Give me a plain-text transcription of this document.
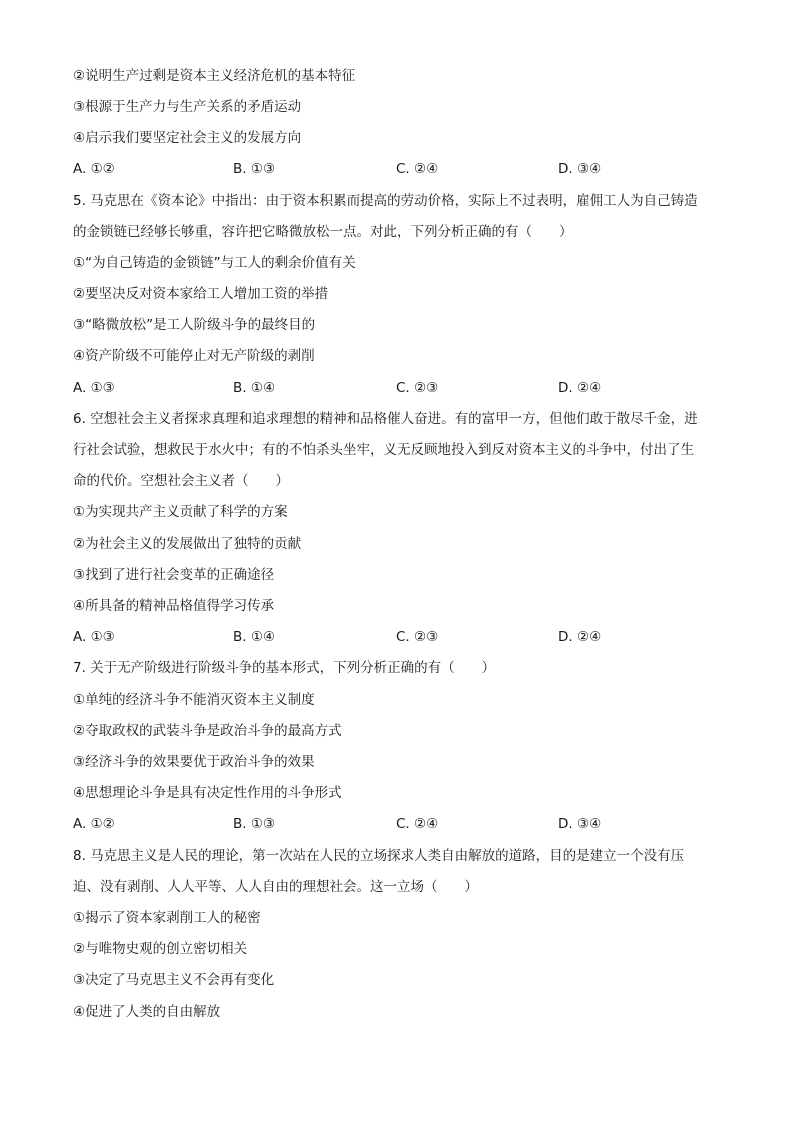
②说明生产过剩是资本主义经济危机的基本特征
③根源于生产力与生产关系的矛盾运动
④启示我们要坚定社会主义的发展方向
A. ①②	B. ①③	C. ②④	D. ③④
5. 马克思在《资本论》中指出：由于资本积累而提高的劳动价格，实际上不过表明，雇佣工人为自己铸造
的金锁链已经够长够重，容许把它略微放松一点。对此，下列分析正确的有（　　）
①“为自己铸造的金锁链”与工人的剩余价值有关
②要坚决反对资本家给工人增加工资的举措
③“略微放松”是工人阶级斗争的最终目的
④资产阶级不可能停止对无产阶级的剥削
A. ①③	B. ①④	C. ②③	D. ②④
6. 空想社会主义者探求真理和追求理想的精神和品格催人奋进。有的富甲一方，但他们敢于散尽千金，进
行社会试验，想救民于水火中；有的不怕杀头坐牢，义无反顾地投入到反对资本主义的斗争中，付出了生
命的代价。空想社会主义者（　　）
①为实现共产主义贡献了科学的方案
②为社会主义的发展做出了独特的贡献
③找到了进行社会变革的正确途径
④所具备的精神品格值得学习传承
A. ①③	B. ①④	C. ②③	D. ②④
7. 关于无产阶级进行阶级斗争的基本形式，下列分析正确的有（　　）
①单纯的经济斗争不能消灭资本主义制度
②夺取政权的武装斗争是政治斗争的最高方式
③经济斗争的效果要优于政治斗争的效果
④思想理论斗争是具有决定性作用的斗争形式
A. ①②	B. ①③	C. ②④	D. ③④
8. 马克思主义是人民的理论，第一次站在人民的立场探求人类自由解放的道路，目的是建立一个没有压
迫、没有剥削、人人平等、人人自由的理想社会。这一立场（　　）
①揭示了资本家剥削工人的秘密
②与唯物史观的创立密切相关
③决定了马克思主义不会再有变化
④促进了人类的自由解放
